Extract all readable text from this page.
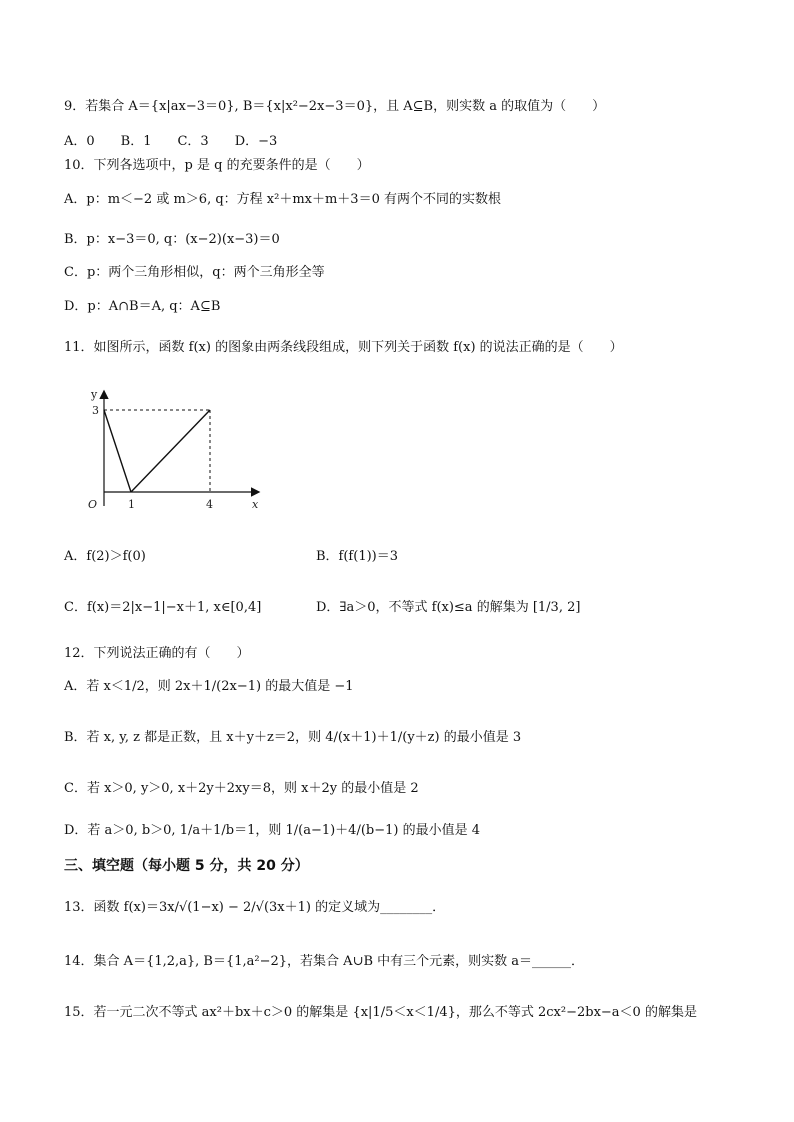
9．若集合 A＝{x|ax−3＝0}, B＝{x|x²−2x−3＝0}，且 A⊆B，则实数 a 的取值为（　　）
A．0　　B．1　　C．3　　D．−3
10．下列各选项中，p 是 q 的充要条件的是（　　）
A．p：m＜−2 或 m＞6, q：方程 x²＋mx＋m＋3＝0 有两个不同的实数根
B．p：x−3＝0, q：(x−2)(x−3)＝0
C．p：两个三角形相似，q：两个三角形全等
D．p：A∩B＝A, q：A⊆B
11．如图所示，函数 f(x) 的图象由两条线段组成，则下列关于函数 f(x) 的说法正确的是（　　）
y
3
O	1	4	x
A．f(2)＞f(0)	B．f(f(1))＝3
C．f(x)＝2|x−1|−x＋1, x∈[0,4]	D．∃a＞0，不等式 f(x)≤a 的解集为 [1/3, 2]
12．下列说法正确的有（　　）
A．若 x＜1/2，则 2x＋1/(2x−1) 的最大值是 −1
B．若 x, y, z 都是正数，且 x＋y＋z＝2，则 4/(x＋1)＋1/(y＋z) 的最小值是 3
C．若 x＞0, y＞0, x＋2y＋2xy＝8，则 x＋2y 的最小值是 2
D．若 a＞0, b＞0, 1/a＋1/b＝1，则 1/(a−1)＋4/(b−1) 的最小值是 4
三、填空题（每小题 5 分，共 20 分）
13．函数 f(x)＝3x/√(1−x) − 2/√(3x＋1) 的定义域为________．
14．集合 A＝{1,2,a}, B＝{1,a²−2}，若集合 A∪B 中有三个元素，则实数 a＝______．
15．若一元二次不等式 ax²＋bx＋c＞0 的解集是 {x|1/5＜x＜1/4}，那么不等式 2cx²−2bx−a＜0 的解集是
